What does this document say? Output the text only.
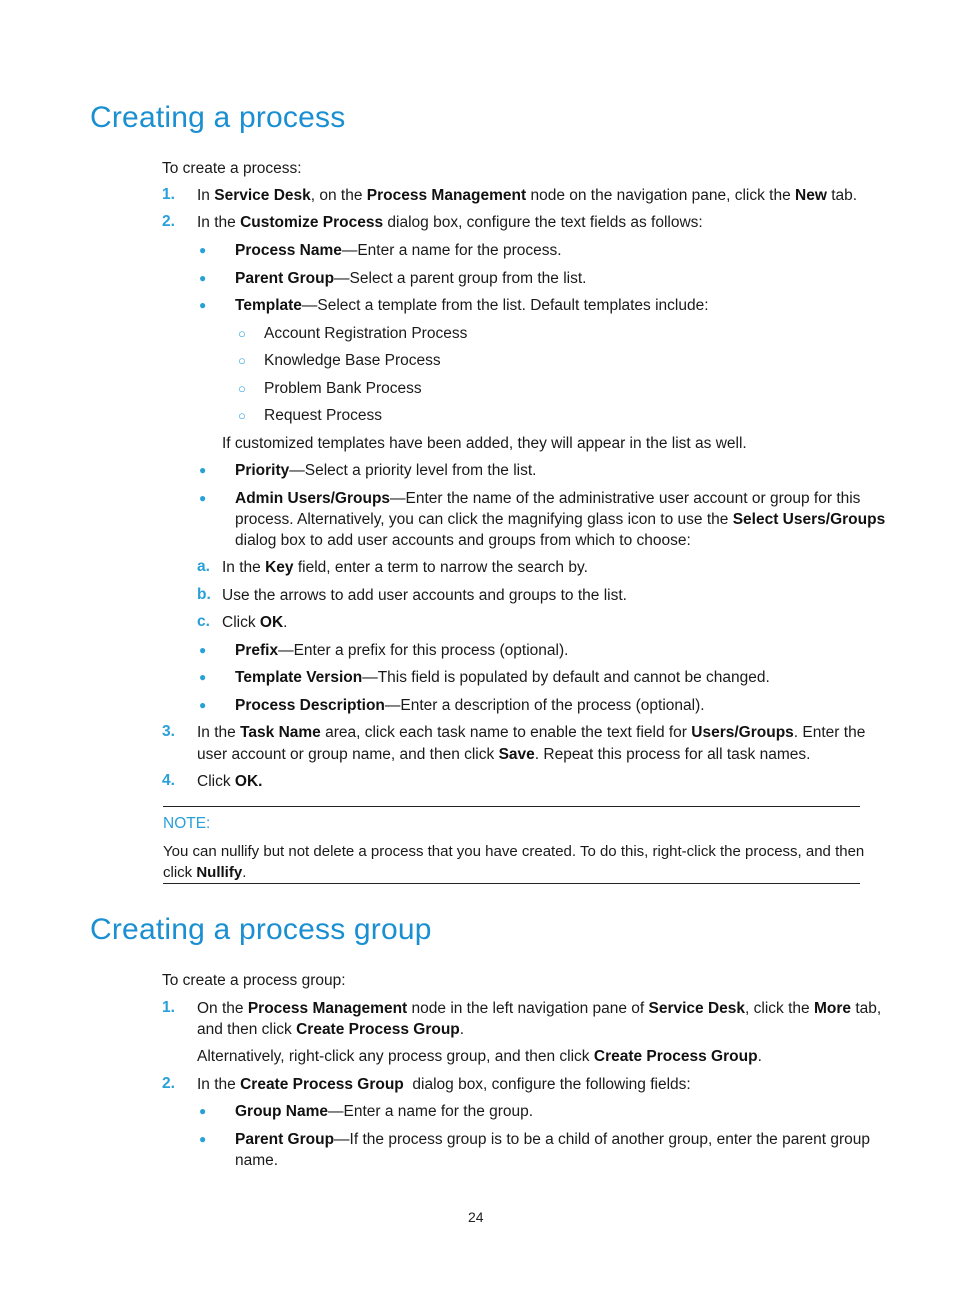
Creating a process
To create a process:
1. In Service Desk, on the Process Management node on the navigation pane, click the New tab.
2. In the Customize Process dialog box, configure the text fields as follows:
● Process Name—Enter a name for the process.
● Parent Group—Select a parent group from the list.
● Template—Select a template from the list. Default templates include:
○ Account Registration Process
○ Knowledge Base Process
○ Problem Bank Process
○ Request Process
If customized templates have been added, they will appear in the list as well.
● Priority—Select a priority level from the list.
● Admin Users/Groups—Enter the name of the administrative user account or group for this
process. Alternatively, you can click the magnifying glass icon to use the Select Users/Groups
dialog box to add user accounts and groups from which to choose:
a. In the Key field, enter a term to narrow the search by.
b. Use the arrows to add user accounts and groups to the list.
c. Click OK.
● Prefix—Enter a prefix for this process (optional).
● Template Version—This field is populated by default and cannot be changed.
● Process Description—Enter a description of the process (optional).
3. In the Task Name area, click each task name to enable the text field for Users/Groups. Enter the
user account or group name, and then click Save. Repeat this process for all task names.
4. Click OK.
NOTE:
You can nullify but not delete a process that you have created. To do this, right-click the process, and then
click Nullify.
Creating a process group
To create a process group:
1. On the Process Management node in the left navigation pane of Service Desk, click the More tab,
and then click Create Process Group.
Alternatively, right-click any process group, and then click Create Process Group.
2. In the Create Process Group  dialog box, configure the following fields:
● Group Name—Enter a name for the group.
● Parent Group—If the process group is to be a child of another group, enter the parent group
name.
24
